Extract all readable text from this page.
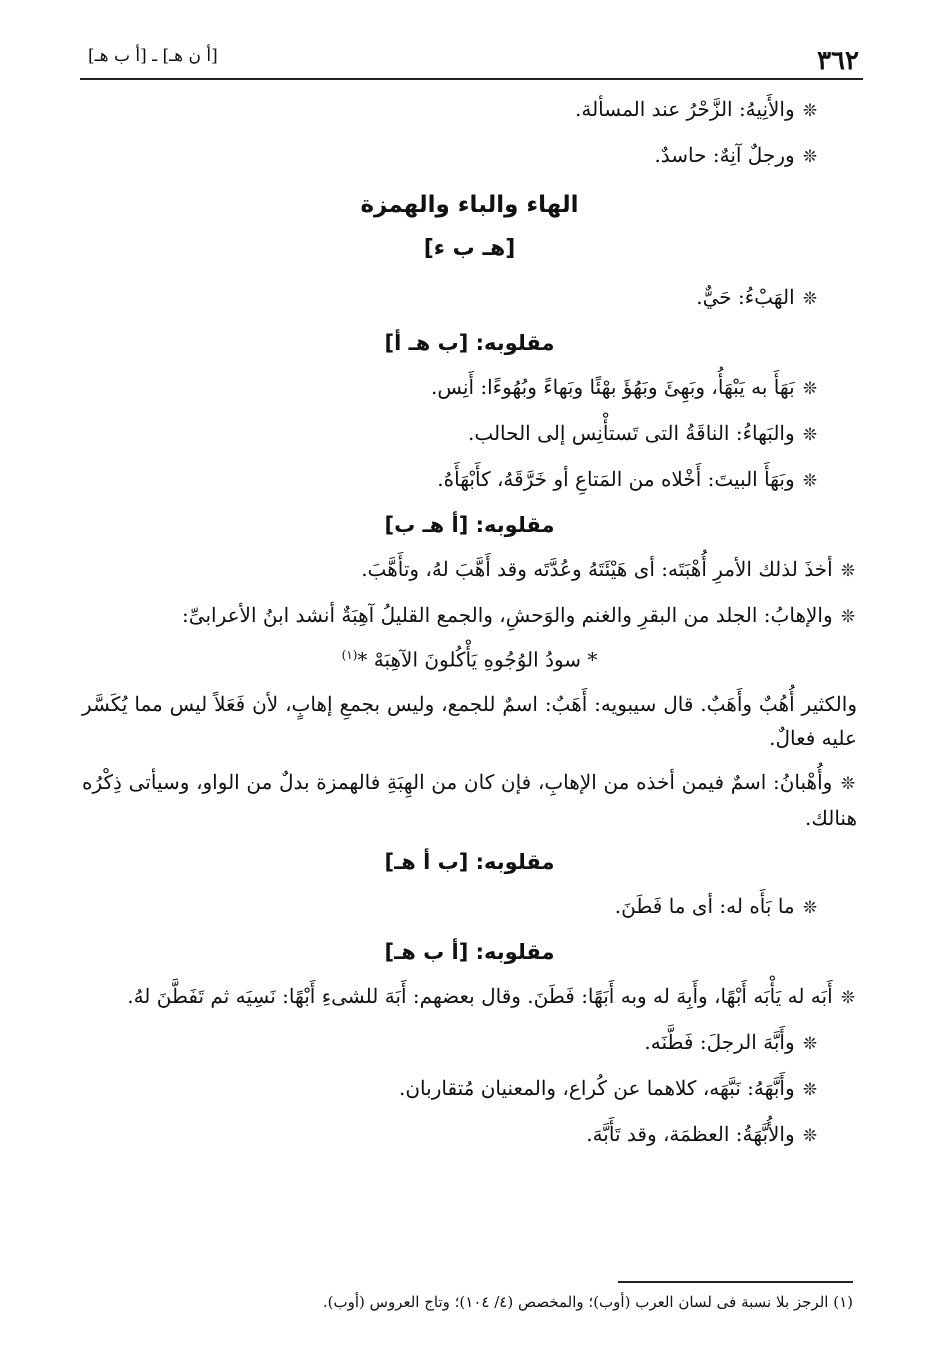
٣٦٢
[أ ن هـ] ـ [أ ب هـ]

❊ والأَنِيهُ: الزَّحْرُ عند المسألة.

❊ ورجلٌ آنِهٌ: حاسدٌ.

الهاء والباء والهمزة
[هـ ب ء]

❊ الهَبْءُ: حَيٌّ.

مقلوبه: [ب هـ أ]

❊ بَهَأَ به يَبْهَأُ، وبَهِئَ وبَهُؤَ بهْئًا وبَهاءً وبُهُوءًا: أَنِس.

❊ والبَهاءُ: الناقَةُ التى تَستأْنِس إلى الحالب.

❊ وبَهَأَ البيتَ: أَخْلاه من المَتاعِ أو خَرَّقَهُ، كأَبْهَأَهُ.

مقلوبه: [أ هـ ب]

❊ أخذَ لذلك الأمرِ أُهْبَتَه: أى هَيْئَتَهُ وعُدَّتَه وقد أَهَّبَ لهُ، وتأَهَّبَ.

❊ والإهابُ: الجلد من البقرِ والغنم والوَحشِ، والجمع القليلُ آهِبَةٌ أنشد ابنُ الأعرابىِّ:

* سودُ الوُجُوهِ يَأْكُلونَ الآهِبَهْ *$^{(١)}$

والكثير أُهُبٌ وأَهَبٌ. قال سيبويه: أَهَبٌ: اسمٌ للجمع، وليس بجمعِ إهابٍ، لأن فَعَلاً ليس مما يُكَسَّر عليه فعالٌ.

❊ وأُهْبانُ: اسمٌ فيمن أخذه من الإهابِ، فإن كان من الهِبَةِ فالهمزة بدلٌ من الواو، وسيأتى ذِكْرُه هنالك.

مقلوبه: [ب أ هـ]

❊ ما بَأَه له: أى ما فَطَنَ.

مقلوبه: [أ ب هـ]

❊ أَبَه له يَأْبَه أَبْهًا، وأَبِهَ له وبه أَبَهًا: فَطَنَ. وقال بعضهم: أَبَهَ للشىءِ أَبْهًا: نَسِيَه ثم تَفَطَّنَ لهُ.

❊ وأَبَّهَ الرجلَ: فَطَّنَه.

❊ وأَبَّهَهُ: نَبَّهَه، كلاهما عن كُراع، والمعنيان مُتقاربان.

❊ والأُبَّهَةُ: العظمَة، وقد تَأَبَّهَ.

(١) الرجز بلا نسبة فى لسان العرب (أوب)؛ والمخصص (٤/ ١٠٤)؛ وتاج العروس (أوب).
